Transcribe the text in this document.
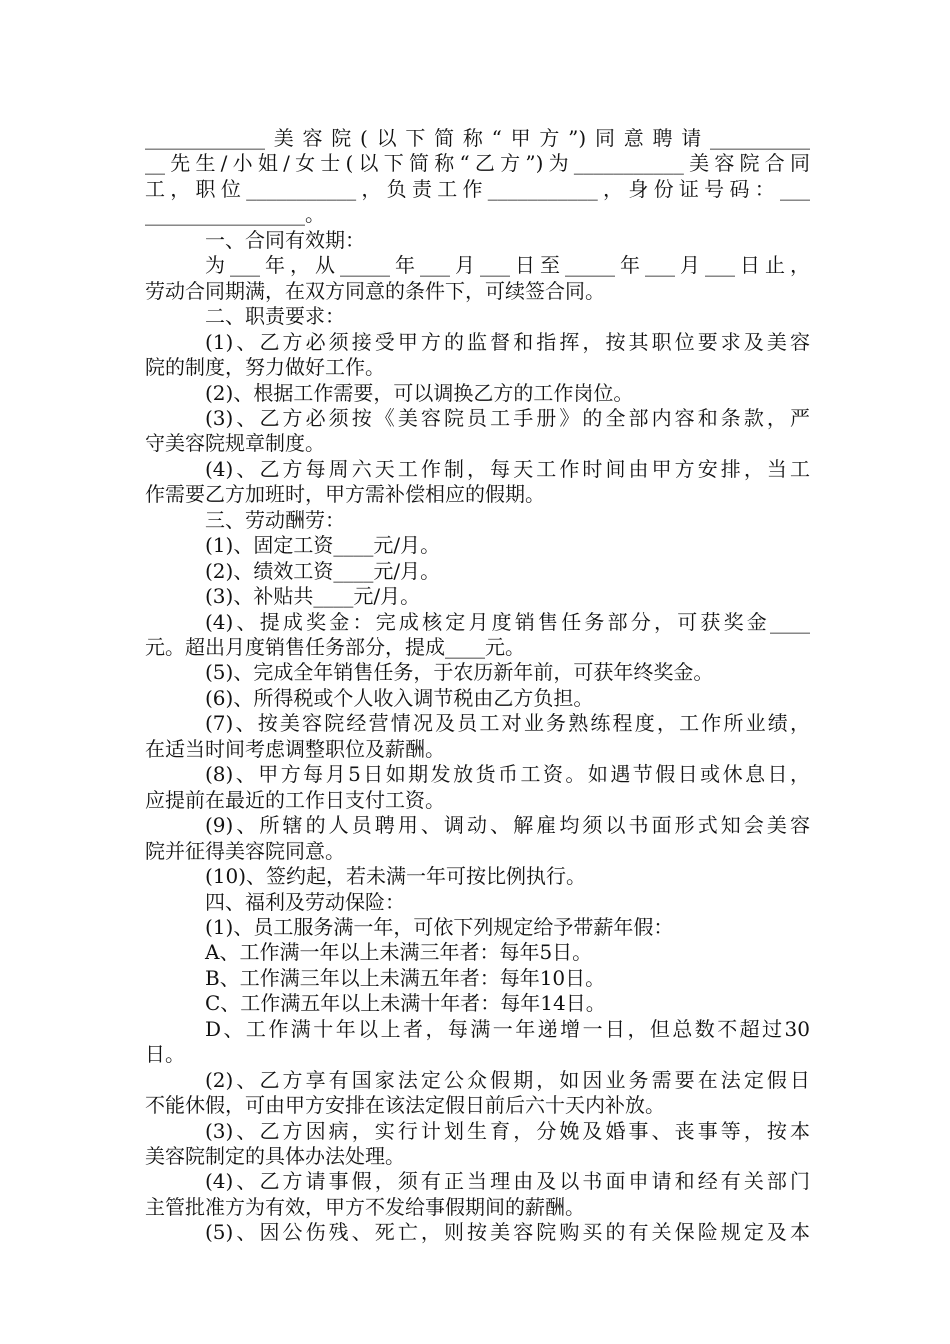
____________美容院(以下简称“甲方”)同意聘请__________
__先生/小姐/女士(以下简称“乙方”)为___________美容院合同
工，职位___________，负责工作___________，身份证号码：___
________________。
一、合同有效期：
为___年，从_____年___月___日至_____年___月___日止，
劳动合同期满，在双方同意的条件下，可续签合同。
二、职责要求：
(1)、乙方必须接受甲方的监督和指挥，按其职位要求及美容
院的制度，努力做好工作。
(2)、根据工作需要，可以调换乙方的工作岗位。
(3)、乙方必须按《美容院员工手册》的全部内容和条款，严
守美容院规章制度。
(4)、乙方每周六天工作制，每天工作时间由甲方安排，当工
作需要乙方加班时，甲方需补偿相应的假期。
三、劳动酬劳：
(1)、固定工资____元/月。
(2)、绩效工资____元/月。
(3)、补贴共____元/月。
(4)、提成奖金：完成核定月度销售任务部分，可获奖金____
元。超出月度销售任务部分，提成____元。
(5)、完成全年销售任务，于农历新年前，可获年终奖金。
(6)、所得税或个人收入调节税由乙方负担。
(7)、按美容院经营情况及员工对业务熟练程度，工作所业绩，
在适当时间考虑调整职位及薪酬。
(8)、甲方每月5日如期发放货币工资。如遇节假日或休息日，
应提前在最近的工作日支付工资。
(9)、所辖的人员聘用、调动、解雇均须以书面形式知会美容
院并征得美容院同意。
(10)、签约起，若未满一年可按比例执行。
四、福利及劳动保险：
(1)、员工服务满一年，可依下列规定给予带薪年假：
A、工作满一年以上未满三年者：每年5日。
B、工作满三年以上未满五年者：每年10日。
C、工作满五年以上未满十年者：每年14日。
D、工作满十年以上者，每满一年递增一日，但总数不超过30
日。
(2)、乙方享有国家法定公众假期，如因业务需要在法定假日
不能休假，可由甲方安排在该法定假日前后六十天内补放。
(3)、乙方因病，实行计划生育，分娩及婚事、丧事等，按本
美容院制定的具体办法处理。
(4)、乙方请事假，须有正当理由及以书面申请和经有关部门
主管批准方为有效，甲方不发给事假期间的薪酬。
(5)、因公伤残、死亡，则按美容院购买的有关保险规定及本
